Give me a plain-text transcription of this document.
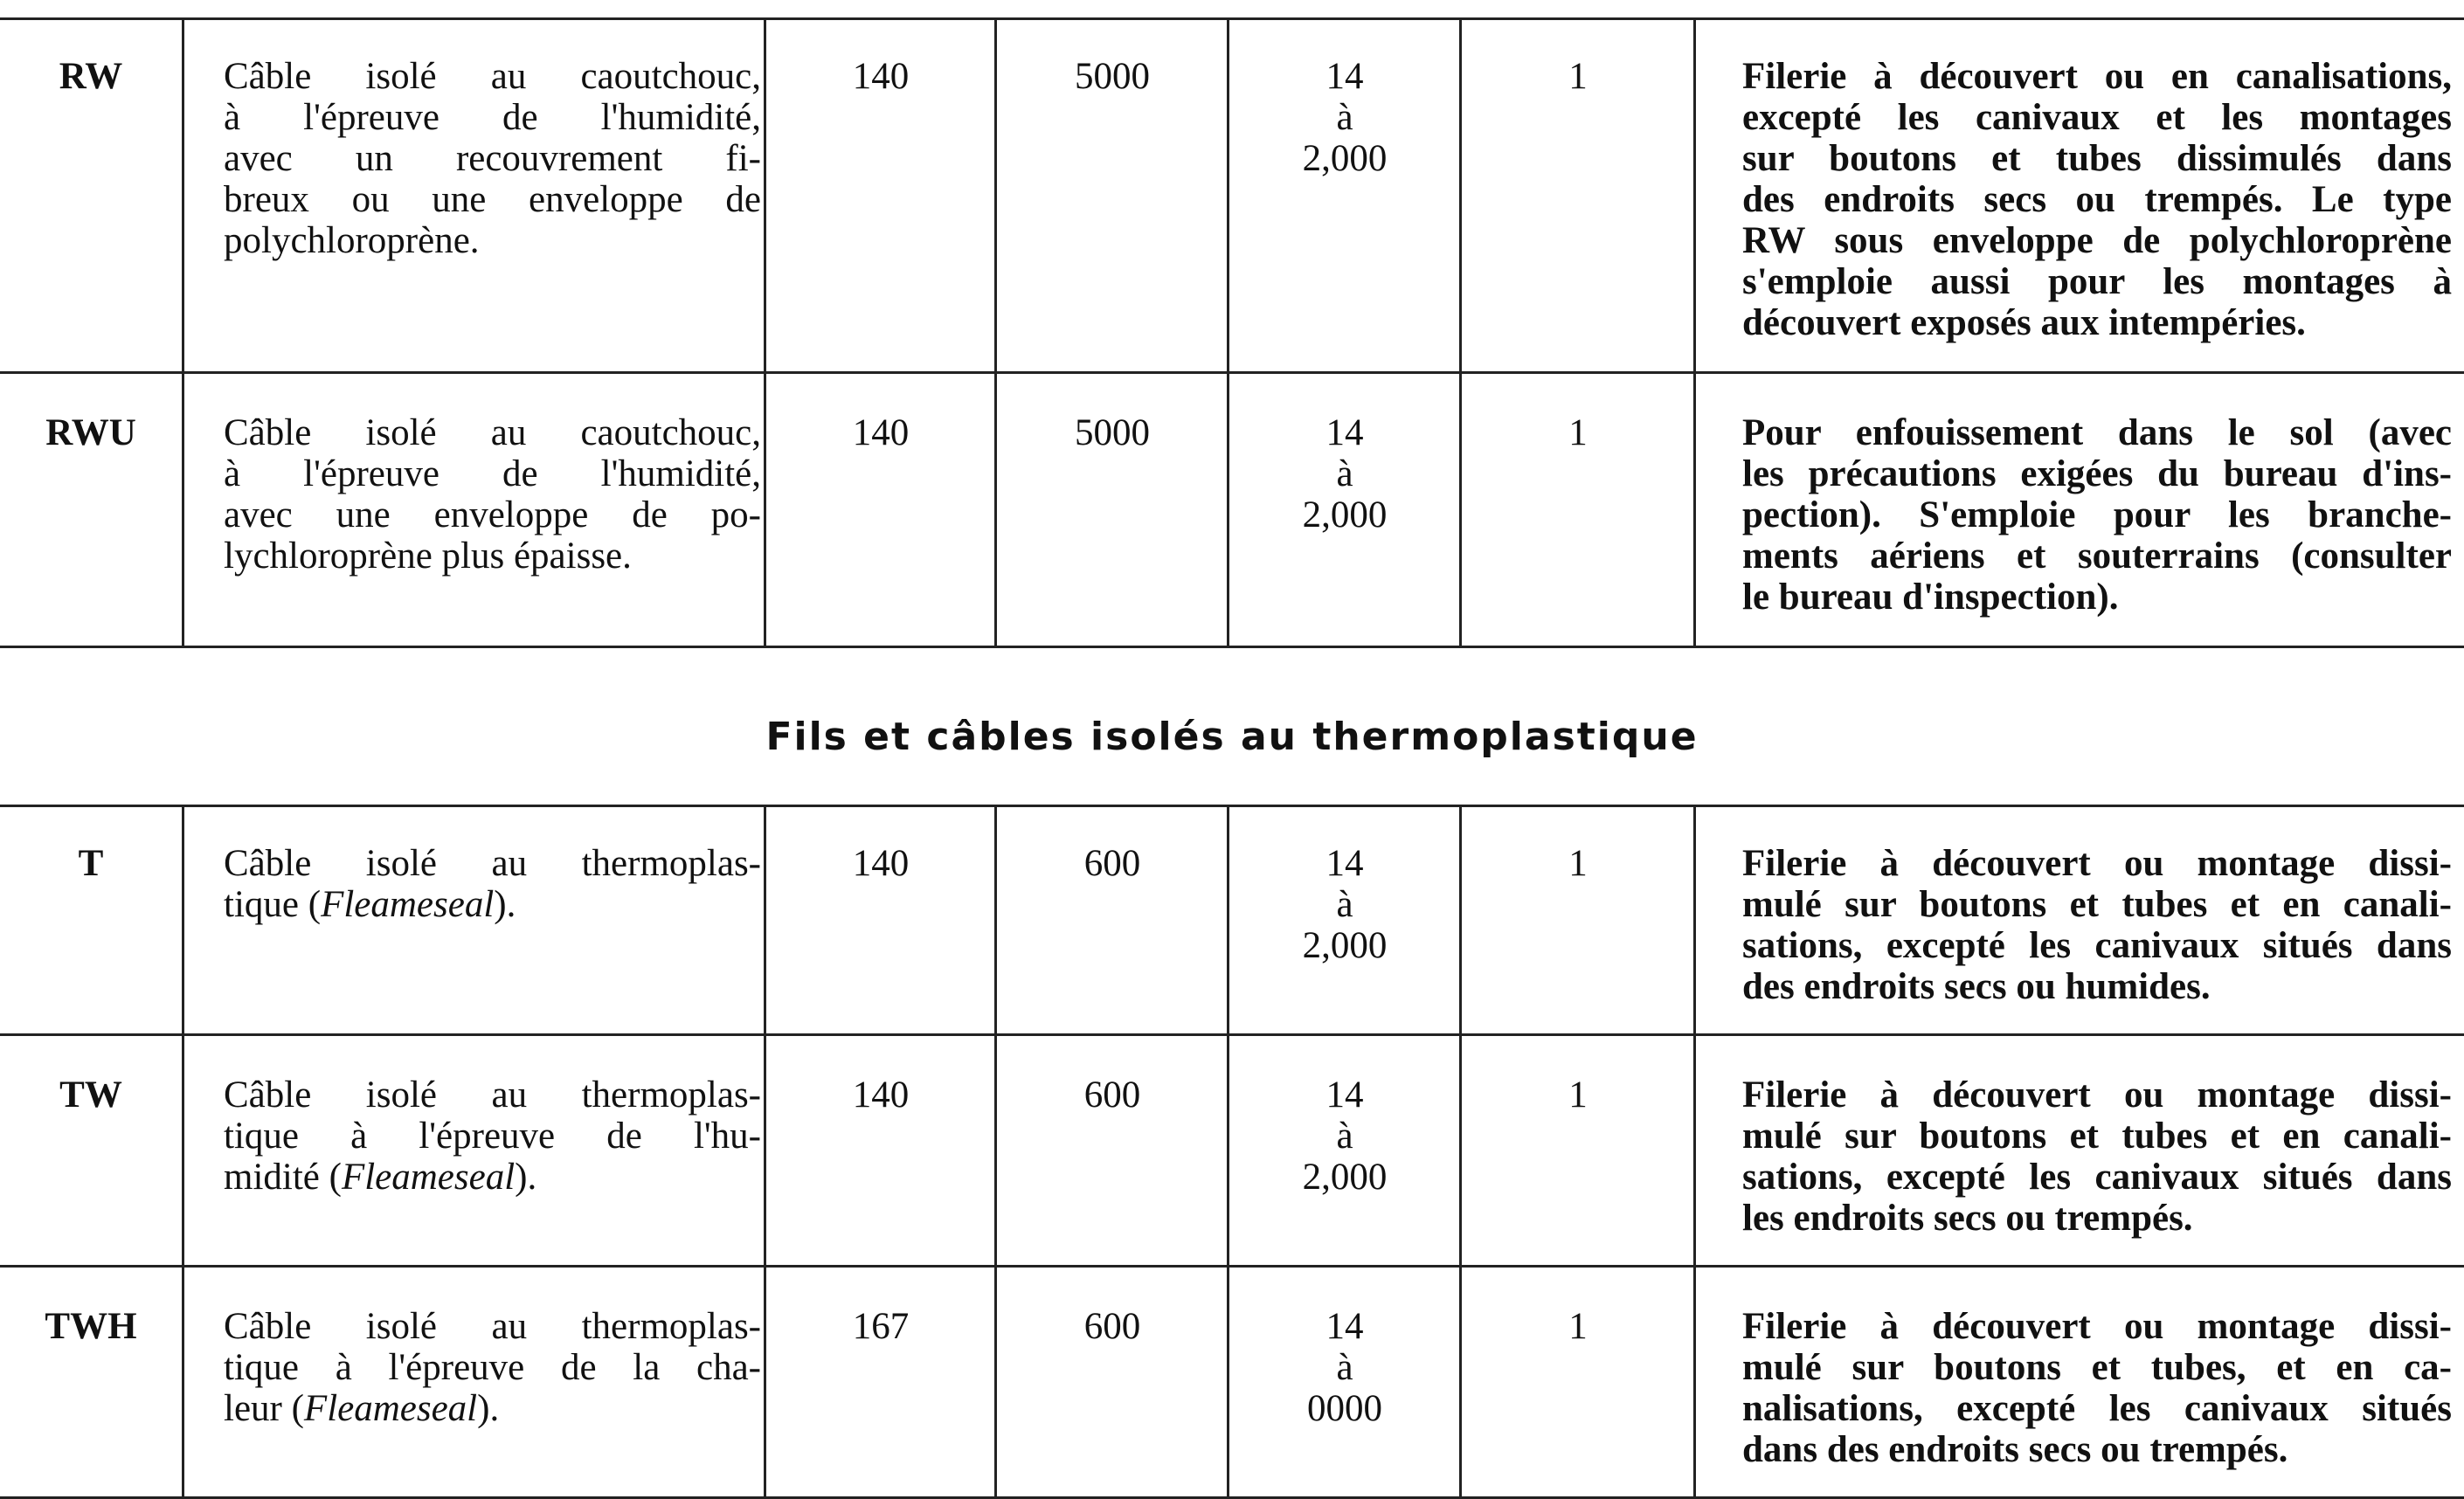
RW	Câble isolé au caoutchouc,
à l'épreuve de l'humidité,
avec un recouvrement fi-
breux ou une enveloppe de
polychloroprène.
140	5000	14
à
2,000
1	Filerie à découvert ou en canalisations,
excepté les canivaux et les montages
sur boutons et tubes dissimulés dans
des endroits secs ou trempés. Le type
RW sous enveloppe de polychloroprène
s'emploie aussi pour les montages à
découvert exposés aux intempéries.
RWU	Câble isolé au caoutchouc,
à l'épreuve de l'humidité,
avec une enveloppe de po-
lychloroprène plus épaisse.
140	5000	14
à
2,000
1	Pour enfouissement dans le sol (avec
les précautions exigées du bureau d'ins-
pection). S'emploie pour les branche-
ments aériens et souterrains (consulter
le bureau d'inspection).
Fils et câbles isolés au thermoplastique
T	Câble isolé au thermoplas-
tique (Fleameseal).
140	600	14
à
2,000
1	Filerie à découvert ou montage dissi-
mulé sur boutons et tubes et en canali-
sations, excepté les canivaux situés dans
des endroits secs ou humides.
TW	Câble isolé au thermoplas-
tique à l'épreuve de l'hu-
midité (Fleameseal).
140	600	14
à
2,000
1	Filerie à découvert ou montage dissi-
mulé sur boutons et tubes et en canali-
sations, excepté les canivaux situés dans
les endroits secs ou trempés.
TWH	Câble isolé au thermoplas-
tique à l'épreuve de la cha-
leur (Fleameseal).
167	600	14
à
0000
1	Filerie à découvert ou montage dissi-
mulé sur boutons et tubes, et en ca-
nalisations, excepté les canivaux situés
dans des endroits secs ou trempés.
